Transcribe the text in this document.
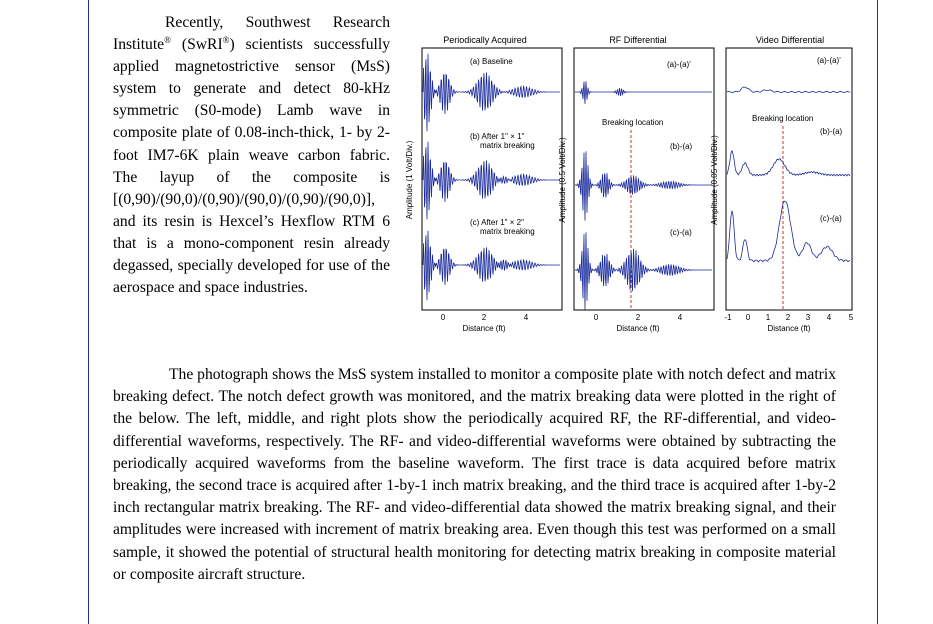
Recently, Southwest Research Institute® (SwRI®) scientists successfully applied magnetostrictive sensor (MsS) system to generate and detect 80-kHz symmetric (S0-mode) Lamb wave in composite plate of 0.08-inch-thick, 1- by 2-foot IM7-6K plain weave carbon fabric. The layup of the composite is [(0,90)/(90,0)/(0,90)/(90,0)/(0,90)/(90,0)], and its resin is Hexcel’s Hexflow RTM 6 that is a mono-component resin already degassed, specially developed for use of the aerospace and space industries.
The photograph shows the MsS system installed to monitor a composite plate with notch defect and matrix breaking defect. The notch defect growth was monitored, and the matrix breaking data were plotted in the right of the below. The left, middle, and right plots show the periodically acquired RF, the RF-differential, and video-differential waveforms, respectively. The RF- and video-differential waveforms were obtained by subtracting the periodically acquired waveforms from the baseline waveform. The first trace is data acquired before matrix breaking, the second trace is acquired after 1-by-1 inch matrix breaking, and the third trace is acquired after 1-by-2 inch rectangular matrix breaking. The RF- and video-differential data showed the matrix breaking signal, and their amplitudes were increased with increment of matrix breaking area. Even though this test was performed on a small sample, it showed the potential of structural health monitoring for detecting matrix breaking in composite material or composite aircraft structure.
Periodically Acquired
Amplitude (1 Volt/Div.)
Distance (ft)
0	2	4
(a) Baseline
(b) After 1" × 1"
matrix breaking
(c) After 1" × 2"
matrix breaking
RF Differential
Amplitude (0.5 Volt/Div.)
Distance (ft)
0	2	4
(a)-(a)'
(b)-(a)
(c)-(a)
Breaking location
Video Differential
Amplitude (0.05 Volt/Div.)
Distance (ft)
-1 0 1 2 3 4 5
(a)-(a)'
(b)-(a)
(c)-(a)
Breaking location
